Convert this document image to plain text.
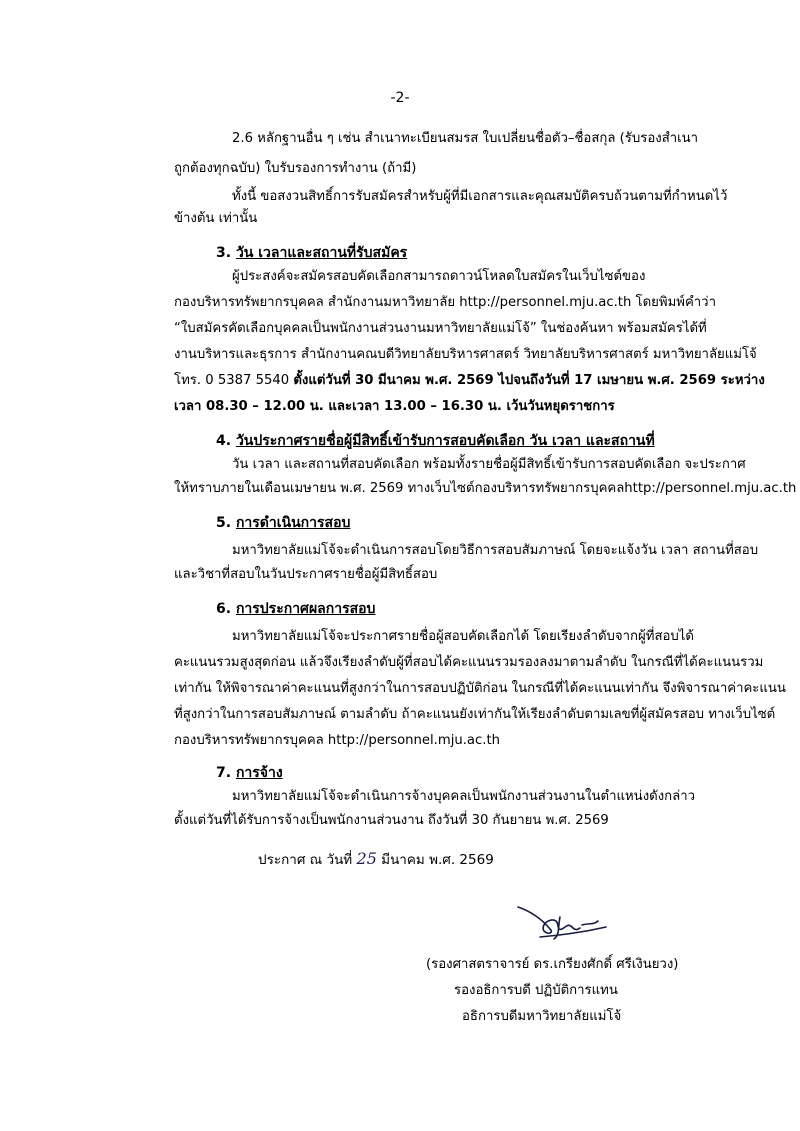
-2-
2.6 หลักฐานอื่น ๆ เช่น สำเนาทะเบียนสมรส ใบเปลี่ยนชื่อตัว–ชื่อสกุล (รับรองสำเนา
ถูกต้องทุกฉบับ) ใบรับรองการทำงาน (ถ้ามี)
ทั้งนี้ ขอสงวนสิทธิ์การรับสมัครสำหรับผู้ที่มีเอกสารและคุณสมบัติครบถ้วนตามที่กำหนดไว้
ข้างต้น เท่านั้น
3. วัน เวลาและสถานที่รับสมัคร
ผู้ประสงค์จะสมัครสอบคัดเลือกสามารถดาวน์โหลดใบสมัครในเว็บไซต์ของ
กองบริหารทรัพยากรบุคคล สำนักงานมหาวิทยาลัย http://personnel.mju.ac.th โดยพิมพ์คำว่า
“ใบสมัครคัดเลือกบุคคลเป็นพนักงานส่วนงานมหาวิทยาลัยแม่โจ้” ในช่องค้นหา พร้อมสมัครได้ที่
งานบริหารและธุรการ สำนักงานคณบดีวิทยาลัยบริหารศาสตร์ วิทยาลัยบริหารศาสตร์ มหาวิทยาลัยแม่โจ้
โทร. 0 5387 5540 ตั้งแต่วันที่ 30 มีนาคม พ.ศ. 2569 ไปจนถึงวันที่ 17 เมษายน พ.ศ. 2569 ระหว่าง
เวลา 08.30 – 12.00 น. และเวลา 13.00 – 16.30 น. เว้นวันหยุดราชการ
4. วันประกาศรายชื่อผู้มีสิทธิ์เข้ารับการสอบคัดเลือก วัน เวลา และสถานที่
วัน เวลา และสถานที่สอบคัดเลือก พร้อมทั้งรายชื่อผู้มีสิทธิ์เข้ารับการสอบคัดเลือก จะประกาศ
ให้ทราบภายในเดือนเมษายน พ.ศ. 2569 ทางเว็บไซต์กองบริหารทรัพยากรบุคคลhttp://personnel.mju.ac.th
5. การดำเนินการสอบ
มหาวิทยาลัยแม่โจ้จะดำเนินการสอบโดยวิธีการสอบสัมภาษณ์ โดยจะแจ้งวัน เวลา สถานที่สอบ
และวิชาที่สอบในวันประกาศรายชื่อผู้มีสิทธิ์สอบ
6. การประกาศผลการสอบ
มหาวิทยาลัยแม่โจ้จะประกาศรายชื่อผู้สอบคัดเลือกได้ โดยเรียงลำดับจากผู้ที่สอบได้
คะแนนรวมสูงสุดก่อน แล้วจึงเรียงลำดับผู้ที่สอบได้คะแนนรวมรองลงมาตามลำดับ ในกรณีที่ได้คะแนนรวม
เท่ากัน ให้พิจารณาค่าคะแนนที่สูงกว่าในการสอบปฏิบัติก่อน ในกรณีที่ได้คะแนนเท่ากัน จึงพิจารณาค่าคะแนน
ที่สูงกว่าในการสอบสัมภาษณ์ ตามลำดับ ถ้าคะแนนยังเท่ากันให้เรียงลำดับตามเลขที่ผู้สมัครสอบ ทางเว็บไซต์
กองบริหารทรัพยากรบุคคล http://personnel.mju.ac.th
7. การจ้าง
มหาวิทยาลัยแม่โจ้จะดำเนินการจ้างบุคคลเป็นพนักงานส่วนงานในตำแหน่งดังกล่าว
ตั้งแต่วันที่ได้รับการจ้างเป็นพนักงานส่วนงาน ถึงวันที่ 30 กันยายน พ.ศ. 2569
ประกาศ ณ วันที่ 25 มีนาคม พ.ศ. 2569
(รองศาสตราจารย์ ดร.เกรียงศักดิ์ ศรีเงินยวง)
รองอธิการบดี ปฏิบัติการแทน
อธิการบดีมหาวิทยาลัยแม่โจ้
